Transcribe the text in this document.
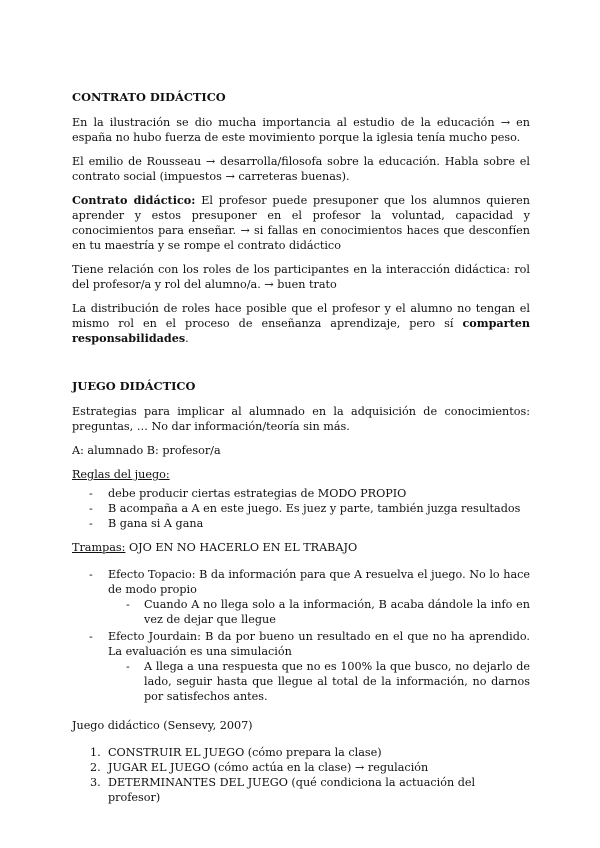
CONTRATO DIDÁCTICO

En la ilustración se dio mucha importancia al estudio de la educación → en españa no hubo fuerza de este movimiento porque la iglesia tenía mucho peso.

El emilio de Rousseau → desarrolla/filosofa sobre la educación. Habla sobre el contrato social (impuestos → carreteras buenas).

Contrato didáctico: El profesor puede presuponer que los alumnos quieren aprender y estos presuponer en el profesor la voluntad, capacidad y conocimientos para enseñar. → si fallas en conocimientos haces que desconfíen en tu maestría y se rompe el contrato didáctico

Tiene relación con los roles de los participantes en la interacción didáctica: rol del profesor/a y rol del alumno/a. → buen trato

La distribución de roles hace posible que el profesor y el alumno no tengan el mismo rol en el proceso de enseñanza aprendizaje, pero sí comparten responsabilidades.

JUEGO DIDÁCTICO

Estrategias para implicar al alumnado en la adquisición de conocimientos: preguntas, … No dar información/teoría sin más.

A: alumnado B: profesor/a

Reglas del juego:

- debe producir ciertas estrategias de MODO PROPIO
- B acompaña a A en este juego. Es juez y parte, también juzga resultados
- B gana si A gana

Trampas: OJO EN NO HACERLO EN EL TRABAJO

- Efecto Topacio: B da información para que A resuelva el juego. No lo hace de modo propio
- Cuando A no llega solo a la información, B acaba dándole la info en vez de dejar que llegue
- Efecto Jourdain: B da por bueno un resultado en el que no ha aprendido. La evaluación es una simulación
- A llega a una respuesta que no es 100% la que busco, no dejarlo de lado, seguir hasta que llegue al total de la información, no darnos por satisfechos antes.

Juego didáctico (Sensevy, 2007)

1. CONSTRUIR EL JUEGO (cómo prepara la clase)
2. JUGAR EL JUEGO (cómo actúa en la clase) → regulación
3. DETERMINANTES DEL JUEGO (qué condiciona la actuación del profesor)
